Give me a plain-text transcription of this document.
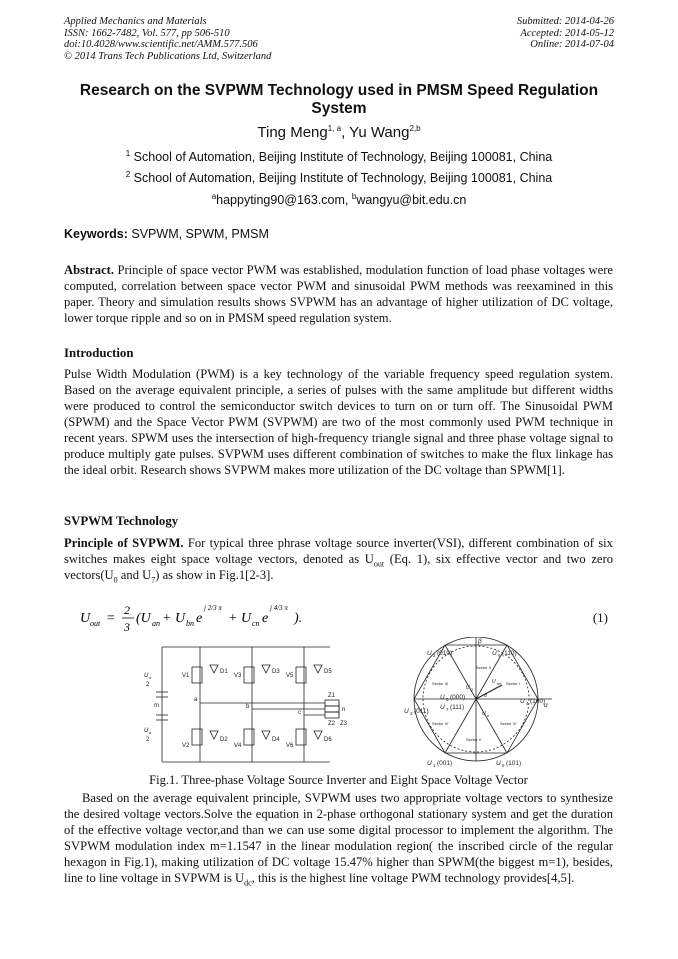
Applied Mechanics and Materials
ISSN: 1662-7482, Vol. 577, pp 506-510
doi:10.4028/www.scientific.net/AMM.577.506
© 2014 Trans Tech Publications Ltd, Switzerland
Submitted: 2014-04-26
Accepted: 2014-05-12
Online: 2014-07-04
Research on the SVPWM Technology used in PMSM Speed Regulation System
Ting Meng$^{1, a}$, Yu Wang$^{2,b}$
$^1$ School of Automation, Beijing Institute of Technology, Beijing 100081, China
$^2$ School of Automation, Beijing Institute of Technology, Beijing 100081, China
$^a$happyting90@163.com, $^b$wangyu@bit.edu.cn
Keywords: SVPWM, SPWM, PMSM
Abstract. Principle of space vector PWM was established, modulation function of load phase voltages were computed, correlation between space vector PWM and sinusoidal PWM methods was reexamined in this paper. Theory and simulation results shows SVPWM has an advantage of higher utilization of DC voltage, lower torque ripple and so on in PMSM speed regulation system.
Introduction
Pulse Width Modulation (PWM) is a key technology of the variable frequency speed regulation system. Based on the average equivalent principle, a series of pulses with the same amplitude but different widths were produced to control the semiconductor switch devices to turn on or turn off. The Sinusoidal PWM (SPWM) and the Space Vector PWM (SVPWM) are two of the most commonly used PWM technique in recent years. SPWM uses the intersection of high-frequency triangle signal and three phase voltage signal to produce multiply gate pulses. SVPWM uses different combination of switches to make the flux linkage has the ideal orbit. Research shows SVPWM makes more utilization of the DC voltage than SPWM[1].
SVPWM Technology
Principle of SVPWM. For typical three phrase voltage source inverter(VSI), different combination of six switches makes eight space voltage vectors, denoted as $U_{out}$ (Eq. 1), six effective vector and two zero $vectors(U_0$ and $U_7$) as show in Fig.1[2-3].
U out =
2
3
(U an + U bn e
j 2/3 π
+ U cn e
j 4/3 π
).	(1)
U d
2
U d
2
m
a
b
c	n
V1	V3	V5
V2	V4	V6
D1	D3	D5
D2	D4	D6
Z1
Z2 Z3
β
α
U 2 (010)	U 6 (110)
U 4 (100)
U 3 (011)
U 0 (000)
U 7 (111)
U 1 (001)	U 5 (101)
Sector II
Sector III	Sector I
Sector IV	Sector VI
Sector V
U ref
U β
U α
θ
Fig.1. Three-phase Voltage Source Inverter and Eight Space Voltage Vector
Based on the average equivalent principle, SVPWM uses two appropriate voltage vectors to synthesize the desired voltage vectors.Solve the equation in 2-phase orthogonal stationary system and get the duration of the effective voltage vector,and than we can use some digital processor to implement the algorithm. The SVPWM modulation index m=1.1547 in the linear modulation region( the inscribed circle of the regular hexagon in Fig.1), making utilization of DC voltage 15.47% higher than SPWM(the biggest m=1), besides, line to line voltage in SVPWM is $U_{dc}$, this is the highest line voltage PWM technology provides[4,5].
